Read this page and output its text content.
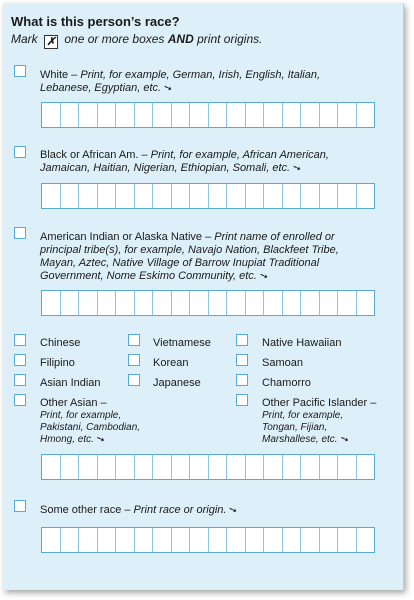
What is this person’s race?
Mark ✗ one or more boxes AND print origins.
White – Print, for example, German, Irish, English, Italian,
Lebanese, Egyptian, etc.➘
Black or African Am. – Print, for example, African American,
Jamaican, Haitian, Nigerian, Ethiopian, Somali, etc.➘
American Indian or Alaska Native – Print name of enrolled or
principal tribe(s), for example, Navajo Nation, Blackfeet Tribe,
Mayan, Aztec, Native Village of Barrow Inupiat Traditional
Government, Nome Eskimo Community, etc.➘
Chinese	Vietnamese	Native Hawaiian
Filipino	Korean	Samoan
Asian Indian	Japanese	Chamorro
Other Asian –
Print, for example,
Pakistani, Cambodian,
Hmong, etc.➘
Other Pacific Islander –
Print, for example,
Tongan, Fijian,
Marshallese, etc.➘
Some other race – Print race or origin.➘
